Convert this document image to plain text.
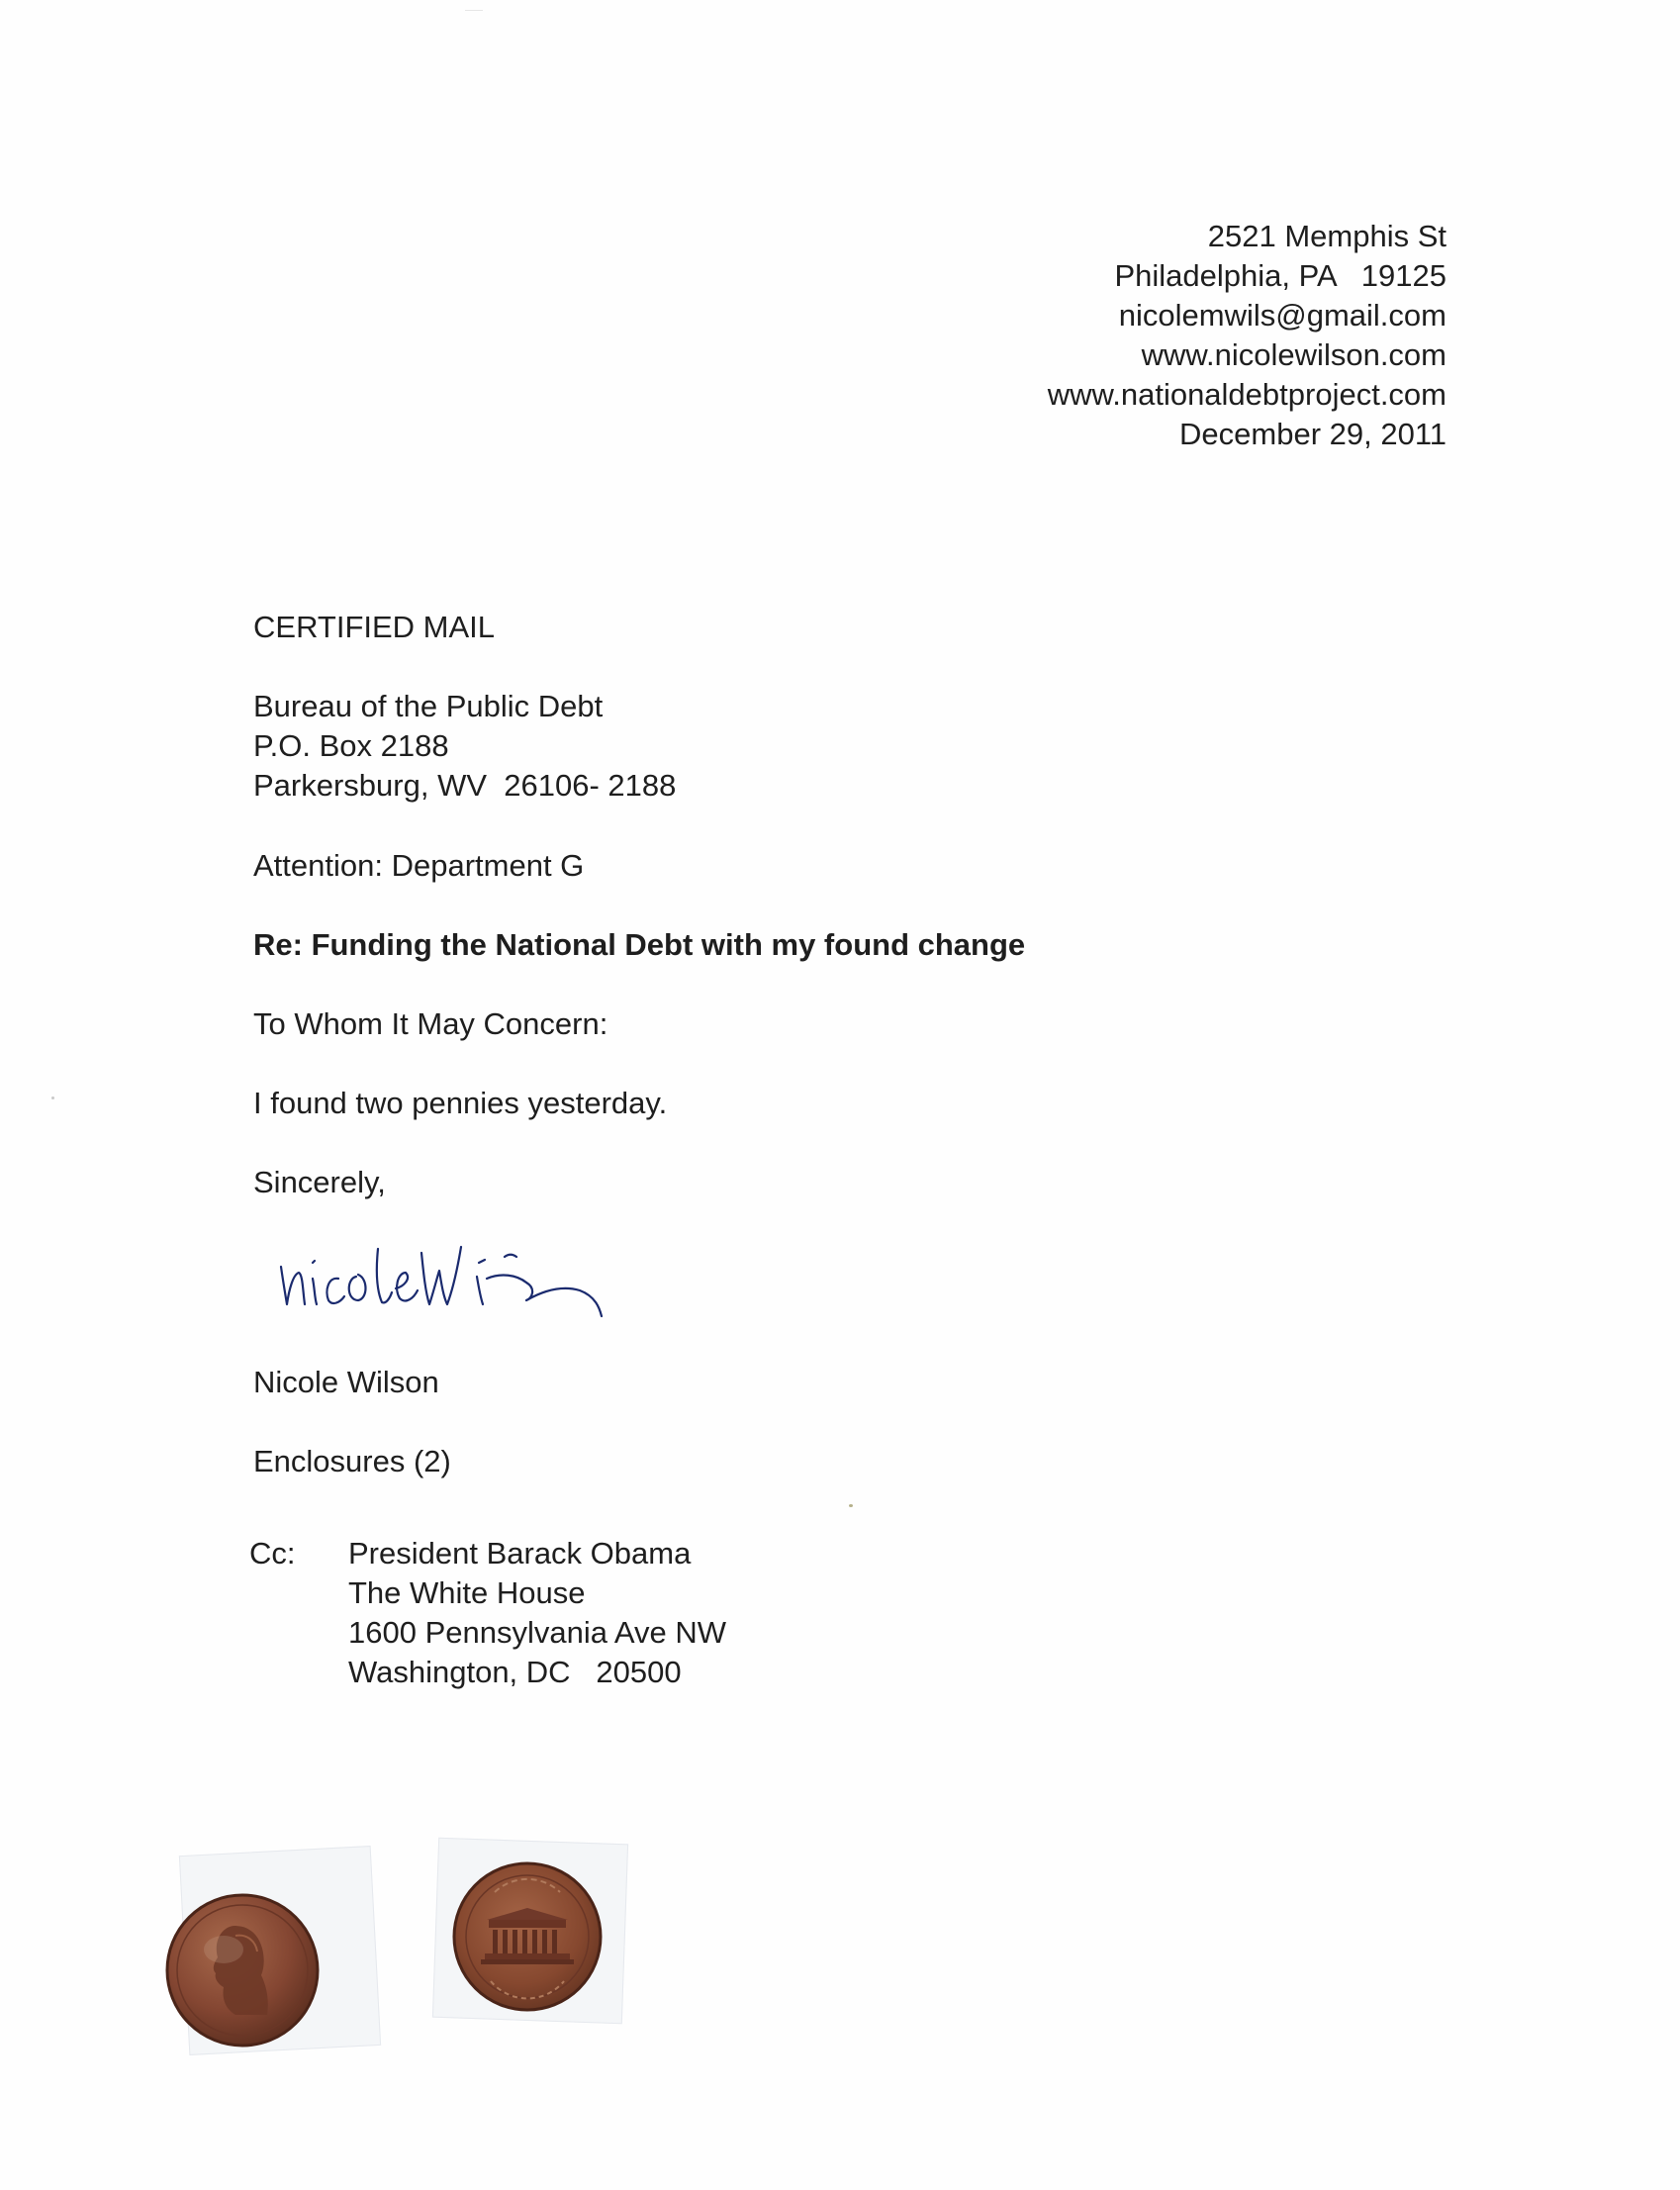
2521 Memphis St
Philadelphia, PA   19125
nicolemwils@gmail.com
www.nicolewilson.com
www.nationaldebtproject.com
December 29, 2011
CERTIFIED MAIL
Bureau of the Public Debt
P.O. Box 2188
Parkersburg, WV  26106- 2188
Attention: Department G
Re: Funding the National Debt with my found change
To Whom It May Concern:
I found two pennies yesterday.
Sincerely,
nicole wilson
Nicole Wilson
Enclosures (2)
Cc: President Barack Obama
The White House
1600 Pennsylvania Ave NW
Washington, DC   20500
